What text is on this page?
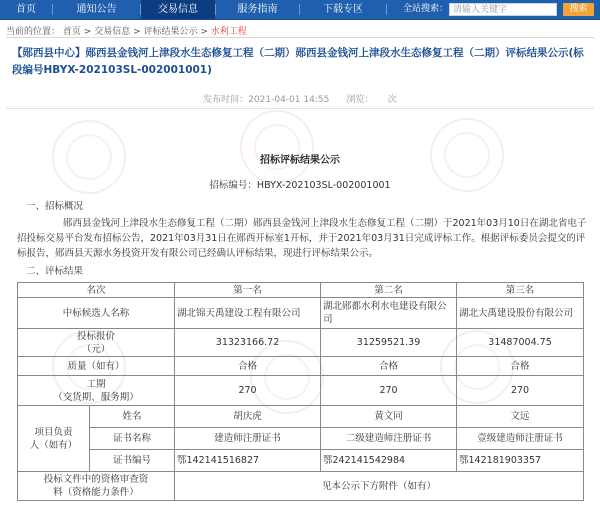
首页	通知公告	交易信息	服务指南	下载专区	全站搜索： 请输入关键字	搜索
当前的位置： 首页 > 交易信息 > 评标结果公示 > 水利工程
【郧西县中心】郧西县金钱河上津段水生态修复工程（二期）郧西县金钱河上津段水生态修复工程（二期）评标结果公示(标段编号HBYX-202103SL-002001001)
发布时间：2021-04-01 14:55 浏览： 次
招标评标结果公示
招标编号：HBYX-202103SL-002001001
一、招标概况
郧西县金钱河上津段水生态修复工程（二期）郧西县金钱河上津段水生态修复工程（二期）于2021年03月10日在湖北省电子招投标交易平台发布招标公告，2021年03月31日在郧西开标室1开标，并于2021年03月31日完成评标工作。根据评标委员会提交的评标报告，郧西县天源水务投资开发有限公司已经确认评标结果，现进行评标结果公示。
二、评标结果
名次		第一名	第二名	第三名
中标候选人名称		湖北锦天禹建设工程有限公司	湖北郧都水利水电建设有限公司	湖北大禹建设股份有限公司
投标报价
（元）		31323166.72	31259521.39	31487004.75
质量（如有）		合格	合格	合格
工期
（交货期、服务期）		270	270	270
项目负责
人（如有）	姓名	胡庆虎	黄文同	文远
	证书名称	建造师注册证书	二级建造师注册证书	壹级建造师注册证书
	证书编号	鄂142141516827	鄂242141542984	鄂142181903357
投标文件中的资格审查资
料（资格能力条件）		见本公示下方附件（如有）		
